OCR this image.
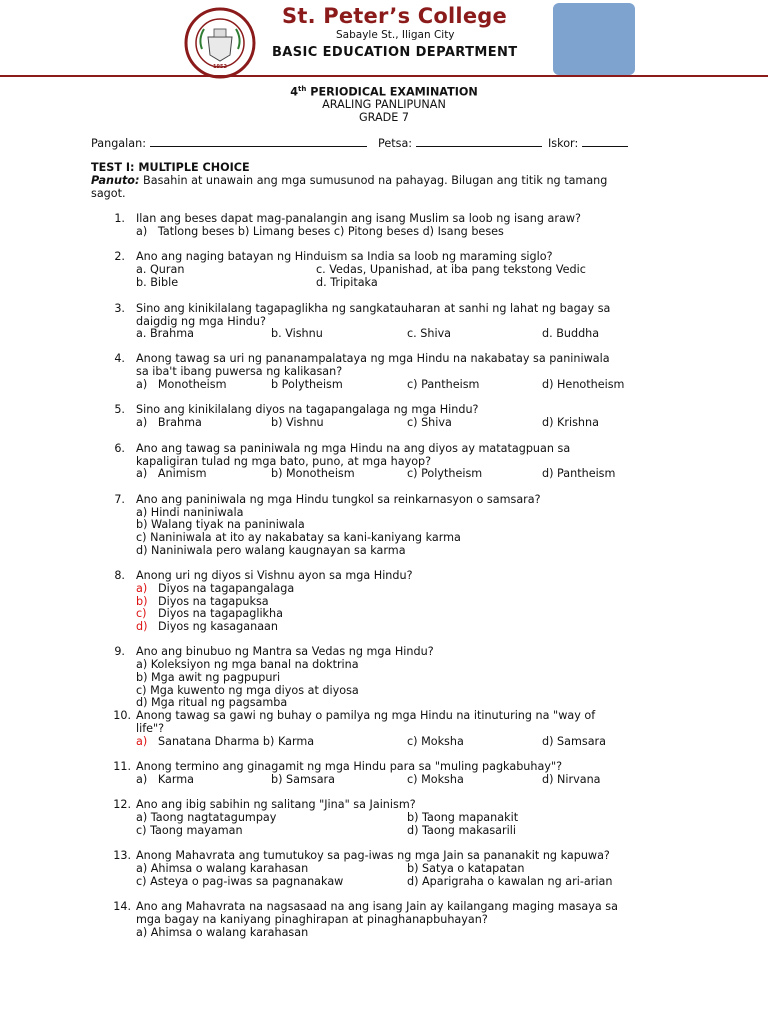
1952
St. Peter’s College
Sabayle St., Iligan City
BASIC EDUCATION DEPARTMENT
4th PERIODICAL EXAMINATION
ARALING PANLIPUNAN
GRADE 7
Pangalan:	Petsa:	Iskor:
TEST I: MULTIPLE CHOICE
Panuto: Basahin at unawain ang mga sumusunod na pahayag. Bilugan ang titik ng tamang
sagot.
1. Ilan ang beses dapat mag-panalangin ang isang Muslim sa loob ng isang araw?
a)   Tatlong beses b) Limang beses c) Pitong beses d) Isang beses
2. Ano ang naging batayan ng Hinduism sa India sa loob ng maraming siglo?
a. Quran	c. Vedas, Upanishad, at iba pang tekstong Vedic
b. Bible	d. Tripitaka
3. Sino ang kinikilalang tagapaglikha ng sangkatauharan at sanhi ng lahat ng bagay sa
daigdig ng mga Hindu?
a. Brahma	b. Vishnu	c. Shiva	d. Buddha
4. Anong tawag sa uri ng pananampalataya ng mga Hindu na nakabatay sa paniniwala
sa iba't ibang puwersa ng kalikasan?
a)   Monotheism	b Polytheism	c) Pantheism	d) Henotheism
5. Sino ang kinikilalang diyos na tagapangalaga ng mga Hindu?
a)   Brahma	b) Vishnu	c) Shiva	d) Krishna
6. Ano ang tawag sa paniniwala ng mga Hindu na ang diyos ay matatagpuan sa
kapaligiran tulad ng mga bato, puno, at mga hayop?
a)   Animism	b) Monotheism	c) Polytheism	d) Pantheism
7. Ano ang paniniwala ng mga Hindu tungkol sa reinkarnasyon o samsara?
a) Hindi naniniwala
b) Walang tiyak na paniniwala
c) Naniniwala at ito ay nakabatay sa kani-kaniyang karma
d) Naniniwala pero walang kaugnayan sa karma
8. Anong uri ng diyos si Vishnu ayon sa mga Hindu?
a) Diyos na tagapangalaga
b) Diyos na tagapuksa
c) Diyos na tagapaglikha
d) Diyos ng kasaganaan
9. Ano ang binubuo ng Mantra sa Vedas ng mga Hindu?
a) Koleksiyon ng mga banal na doktrina
b) Mga awit ng pagpupuri
c) Mga kuwento ng mga diyos at diyosa
d) Mga ritual ng pagsamba
10. Anong tawag sa gawi ng buhay o pamilya ng mga Hindu na itinuturing na "way of
life"?
a) Sanatana Dharma b) Karma	c) Moksha	d) Samsara
11. Anong termino ang ginagamit ng mga Hindu para sa "muling pagkabuhay"?
a)   Karma	b) Samsara	c) Moksha	d) Nirvana
12. Ano ang ibig sabihin ng salitang "Jina" sa Jainism?
a) Taong nagtatagumpay	b) Taong mapanakit
c) Taong mayaman	d) Taong makasarili
13. Anong Mahavrata ang tumutukoy sa pag-iwas ng mga Jain sa pananakit ng kapuwa?
a) Ahimsa o walang karahasan	b) Satya o katapatan
c) Asteya o pag-iwas sa pagnanakaw	d) Aparigraha o kawalan ng ari-arian
14. Ano ang Mahavrata na nagsasaad na ang isang Jain ay kailangang maging masaya sa
mga bagay na kaniyang pinaghirapan at pinaghanapbuhayan?
a) Ahimsa o walang karahasan
